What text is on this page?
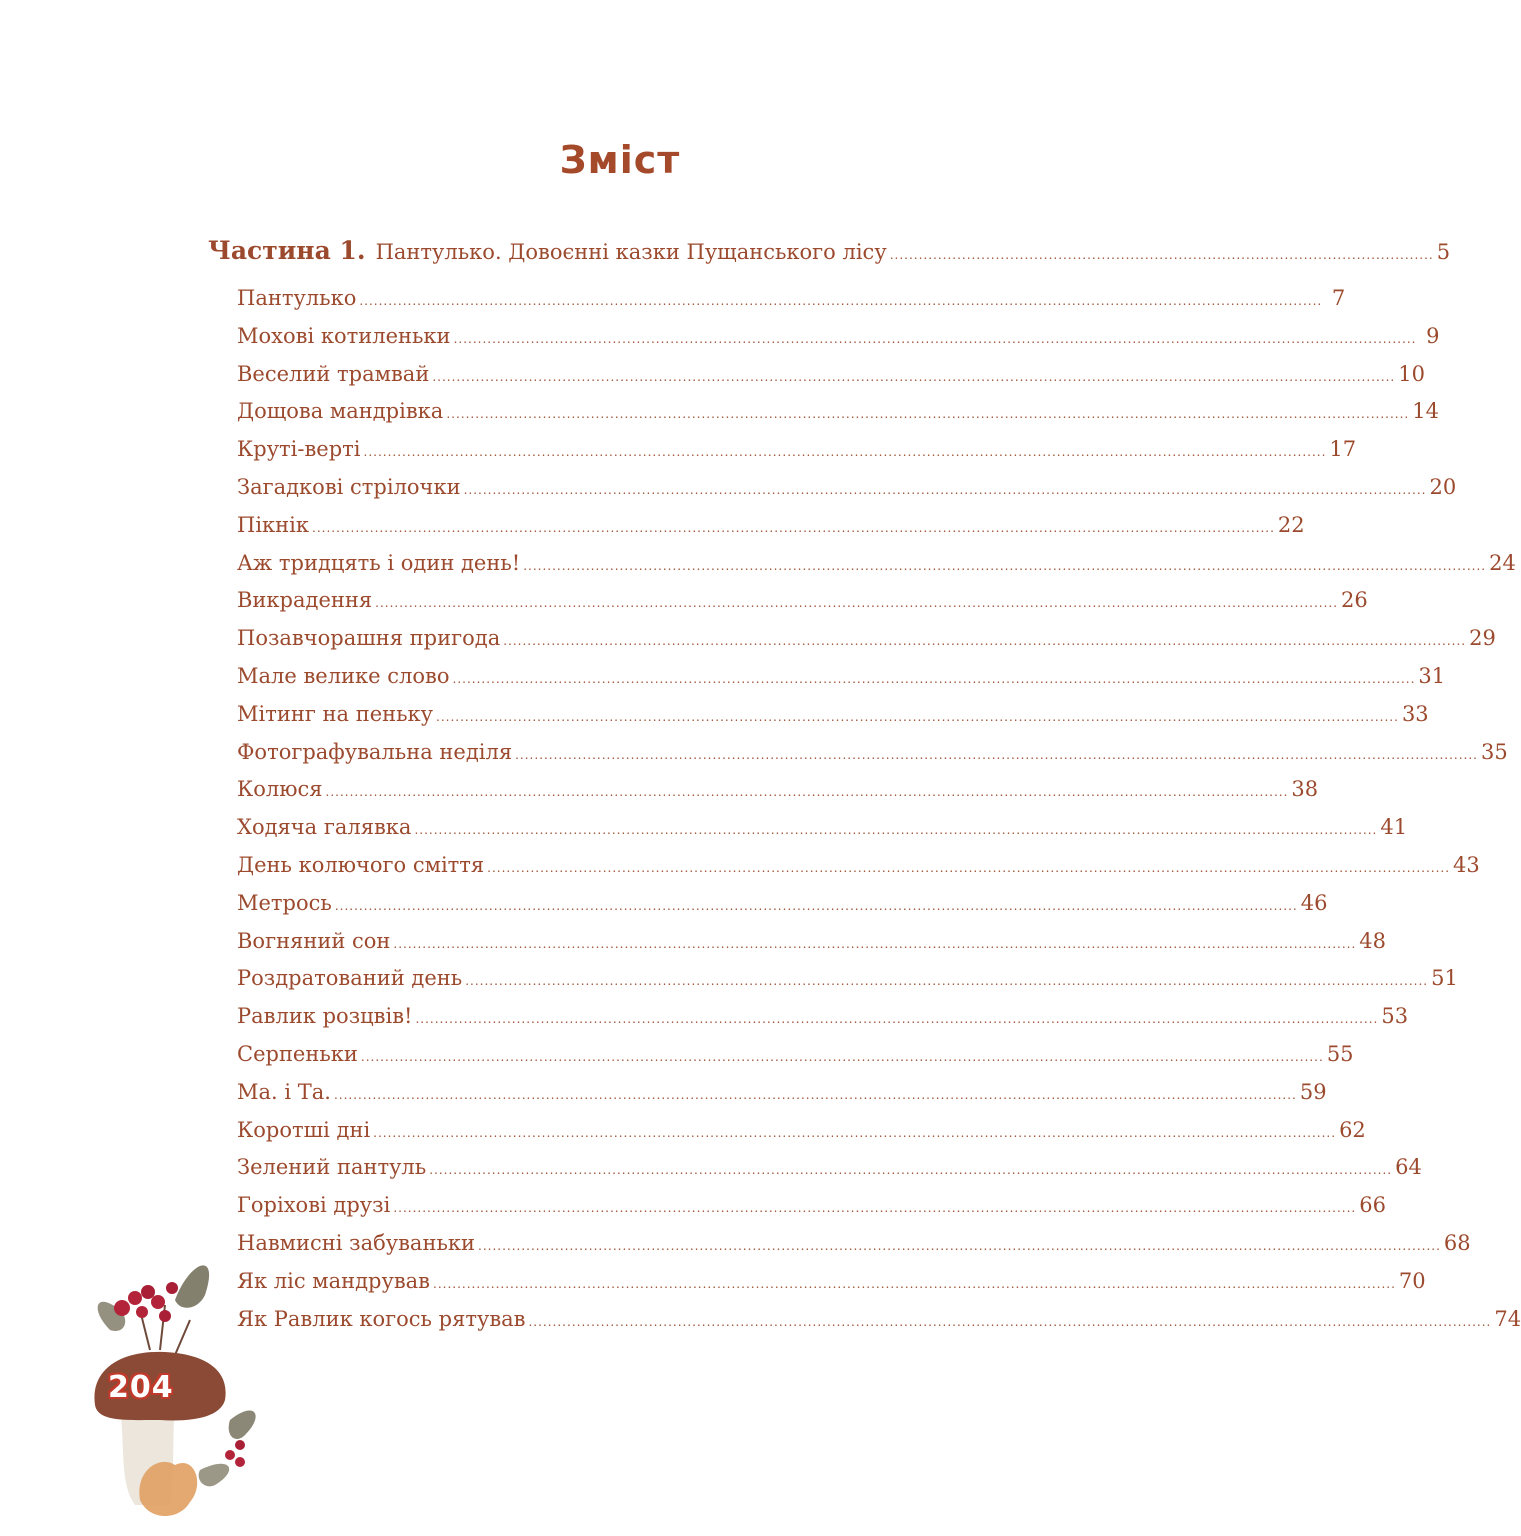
Зміст
Частина 1. Пантулько. Довоєнні казки Пущанського лісу ................................................................................................................. 5
Пантулько ........................................................................................................................................................................................................ 7
Мохові котиленьки ........................................................................................................................................................................................................ 9
Веселий трамвай ........................................................................................................................................................................................................ 10
Дощова мандрівка ........................................................................................................................................................................................................ 14
Круті-верті ........................................................................................................................................................................................................ 17
Загадкові стрілочки ........................................................................................................................................................................................................ 20
Пікнік ........................................................................................................................................................................................................ 22
Аж тридцять і один день! ........................................................................................................................................................................................................ 24
Викрадення ........................................................................................................................................................................................................ 26
Позавчорашня пригода ........................................................................................................................................................................................................ 29
Мале велике слово ........................................................................................................................................................................................................ 31
Мітинг на пеньку ........................................................................................................................................................................................................ 33
Фотографувальна неділя ........................................................................................................................................................................................................ 35
Колюся ........................................................................................................................................................................................................ 38
Ходяча галявка ........................................................................................................................................................................................................ 41
День колючого сміття ........................................................................................................................................................................................................ 43
Метрось ........................................................................................................................................................................................................ 46
Вогняний сон ........................................................................................................................................................................................................ 48
Роздратований день ........................................................................................................................................................................................................ 51
Равлик розцвів! ........................................................................................................................................................................................................ 53
Серпеньки ........................................................................................................................................................................................................ 55
Ма. і Та. ........................................................................................................................................................................................................ 59
Коротші дні ........................................................................................................................................................................................................ 62
Зелений пантуль ........................................................................................................................................................................................................ 64
Горіхові друзі ........................................................................................................................................................................................................ 66
Навмисні забуваньки ........................................................................................................................................................................................................ 68
Як ліс мандрував ........................................................................................................................................................................................................ 70
Як Равлик когось рятував ........................................................................................................................................................................................................ 74
204
